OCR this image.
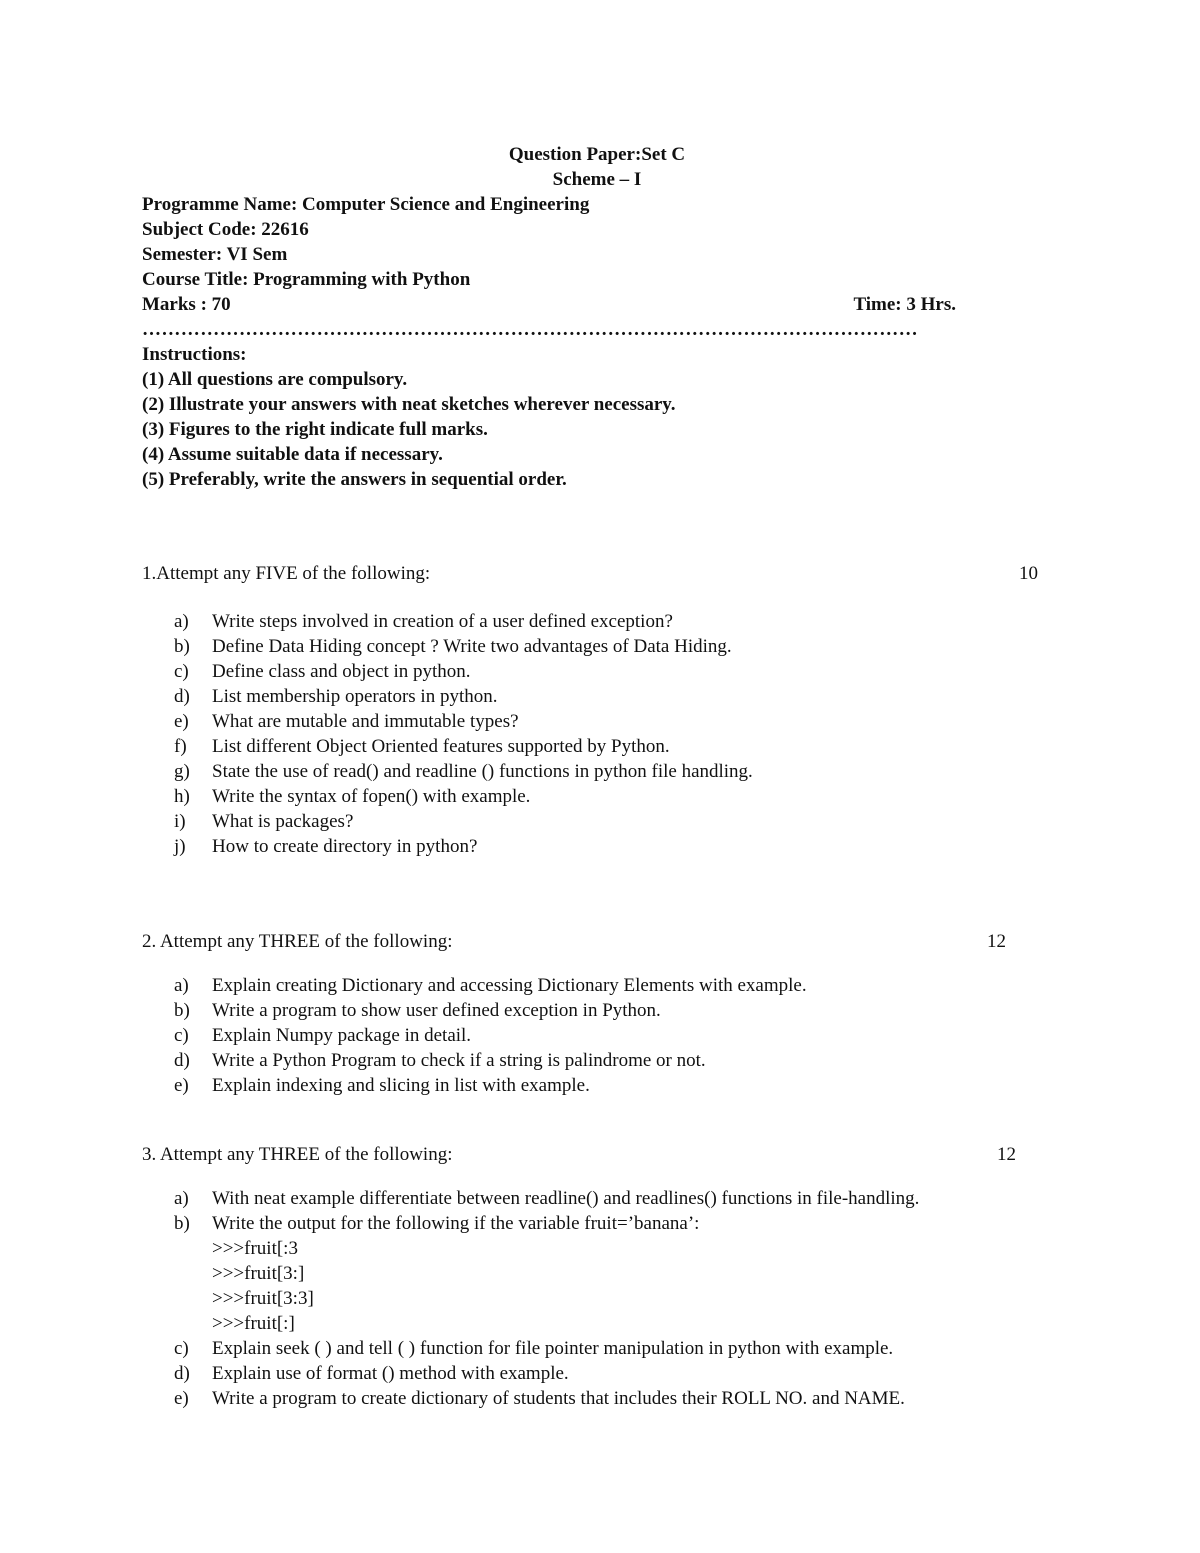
Question Paper:Set C
Scheme – I
Programme Name: Computer Science and Engineering
Subject Code: 22616
Semester: VI Sem
Course Title: Programming with Python
Marks : 70	Time: 3 Hrs.
…………………………………………………………………………………………………………
Instructions:
(1) All questions are compulsory.
(2) Illustrate your answers with neat sketches wherever necessary.
(3) Figures to the right indicate full marks.
(4) Assume suitable data if necessary.
(5) Preferably, write the answers in sequential order.
1.Attempt any FIVE of the following:	10
a)	Write steps involved in creation of a user defined exception?
b)	Define Data Hiding concept ? Write two advantages of Data Hiding.
c)	Define class and object in python.
d)	List membership operators in python.
e)	What are mutable and immutable types?
f)	List different Object Oriented features supported by Python.
g)	State the use of read() and readline () functions in python file handling.
h)	Write the syntax of fopen() with example.
i)	What is packages?
j)	How to create directory in python?
2. Attempt any THREE of the following:	12
a)	Explain creating Dictionary and accessing Dictionary Elements with example.
b)	Write a program to show user defined exception in Python.
c)	Explain Numpy package in detail.
d)	Write a Python Program to check if a string is palindrome or not.
e)	Explain indexing and slicing in list with example.
3. Attempt any THREE of the following:	12
a)	With neat example differentiate between readline() and readlines() functions in file-handling.
b)	Write the output for the following if the variable fruit=’banana’:
>>>fruit[:3
>>>fruit[3:]
>>>fruit[3:3]
>>>fruit[:]
c)	Explain seek ( ) and tell ( ) function for file pointer manipulation in python with example.
d)	Explain use of format () method with example.
e)	Write a program to create dictionary of students that includes their ROLL NO. and NAME.
